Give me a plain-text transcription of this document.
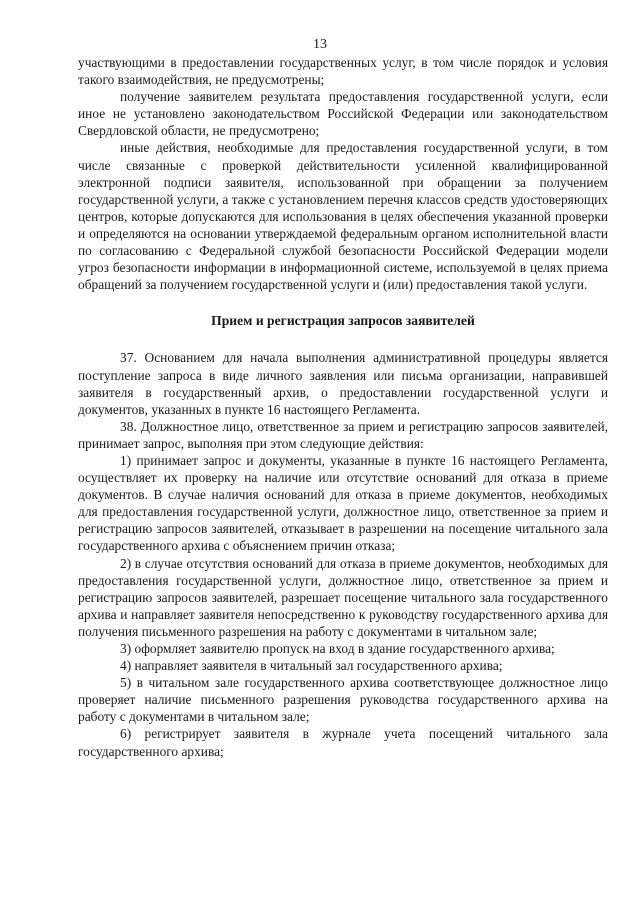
13

участвующими в предоставлении государственных услуг, в том числе порядок и условия такого взаимодействия, не предусмотрены;

получение заявителем результата предоставления государственной услуги, если иное не установлено законодательством Российской Федерации или законодательством Свердловской области, не предусмотрено;

иные действия, необходимые для предоставления государственной услуги, в том числе связанные с проверкой действительности усиленной квалифицированной электронной подписи заявителя, использованной при обращении за получением государственной услуги, а также с установлением перечня классов средств удостоверяющих центров, которые допускаются для использования в целях обеспечения указанной проверки и определяются на основании утверждаемой федеральным органом исполнительной власти по согласованию с Федеральной службой безопасности Российской Федерации модели угроз безопасности информации в информационной системе, используемой в целях приема обращений за получением государственной услуги и (или) предоставления такой услуги.

Прием и регистрация запросов заявителей

37. Основанием для начала выполнения административной процедуры является поступление запроса в виде личного заявления или письма организации, направившей заявителя в государственный архив, о предоставлении государственной услуги и документов, указанных в пункте 16 настоящего Регламента.

38. Должностное лицо, ответственное за прием и регистрацию запросов заявителей, принимает запрос, выполняя при этом следующие действия:

1) принимает запрос и документы, указанные в пункте 16 настоящего Регламента, осуществляет их проверку на наличие или отсутствие оснований для отказа в приеме документов. В случае наличия оснований для отказа в приеме документов, необходимых для предоставления государственной услуги, должностное лицо, ответственное за прием и регистрацию запросов заявителей, отказывает в разрешении на посещение читального зала государственного архива с объяснением причин отказа;

2) в случае отсутствия оснований для отказа в приеме документов, необходимых для предоставления государственной услуги, должностное лицо, ответственное за прием и регистрацию запросов заявителей, разрешает посещение читального зала государственного архива и направляет заявителя непосредственно к руководству государственного архива для получения письменного разрешения на работу с документами в читальном зале;

3) оформляет заявителю пропуск на вход в здание государственного архива;

4) направляет заявителя в читальный зал государственного архива;

5) в читальном зале государственного архива соответствующее должностное лицо проверяет наличие письменного разрешения руководства государственного архива на работу с документами в читальном зале;

6) регистрирует заявителя в журнале учета посещений читального зала государственного архива;
